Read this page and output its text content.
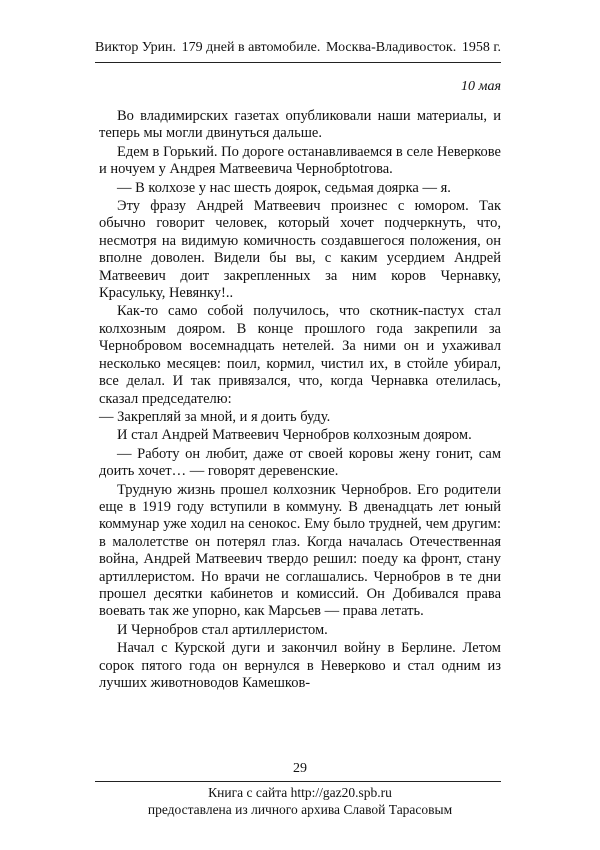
Виктор Урин. 179 дней в автомобиле. Москва-Владивосток. 1958 г.
10 мая

Во владимирских газетах опубликовали наши материалы, и теперь мы могли двинуться дальше.

Едем в Горький. По дороге останавливаемся в селе Неверкове и ночуем у Андрея Матвеевича Чернобрtotrова.

— В колхозе у нас шесть доярок, седьмая доярка — я.

Эту фразу Андрей Матвеевич произнес с юмором. Так обычно говорит человек, который хочет подчеркнуть, что, несмотря на видимую комичность создавшегося положения, он вполне доволен. Видели бы вы, с каким усердием Андрей Матвеевич доит закрепленных за ним коров Чернавку, Красульку, Невянку!..

Как-то само собой получилось, что скотник-пастух стал колхозным дояром. В конце прошлого года закрепили за Чернобровом восемнадцать нетелей. За ними он и ухаживал несколько месяцев: поил, кормил, чистил их, в стойле убирал, все делал. И так привязался, что, когда Чернавка отелилась, сказал председателю:

— Закрепляй за мной, и я доить буду.

И стал Андрей Матвеевич Чернобров колхозным дояром.

— Работу он любит, даже от своей коровы жену гонит, сам доить хочет… — говорят деревенские.

Трудную жизнь прошел колхозник Чернобров. Его родители еще в 1919 году вступили в коммуну. В двенадцать лет юный коммунар уже ходил на сенокос. Ему было трудней, чем другим: в малолетстве он потерял глаз. Когда началась Отечественная война, Андрей Матвеевич твердо решил: поеду ка фронт, стану артиллеристом. Но врачи не соглашались. Чернобров в те дни прошел десятки кабинетов и комиссий. Он Добивался права воевать так же упорно, как Марсьев — права летать.

И Чернобров стал артиллеристом.

Начал с Курской дуги и закончил войну в Берлине. Летом сорок пятого года он вернулся в Неверково и стал одним из лучших животноводов Камешков-

29
Книга с сайта http://gaz20.spb.ru
предоставлена из личного архива Славой Тарасовым
